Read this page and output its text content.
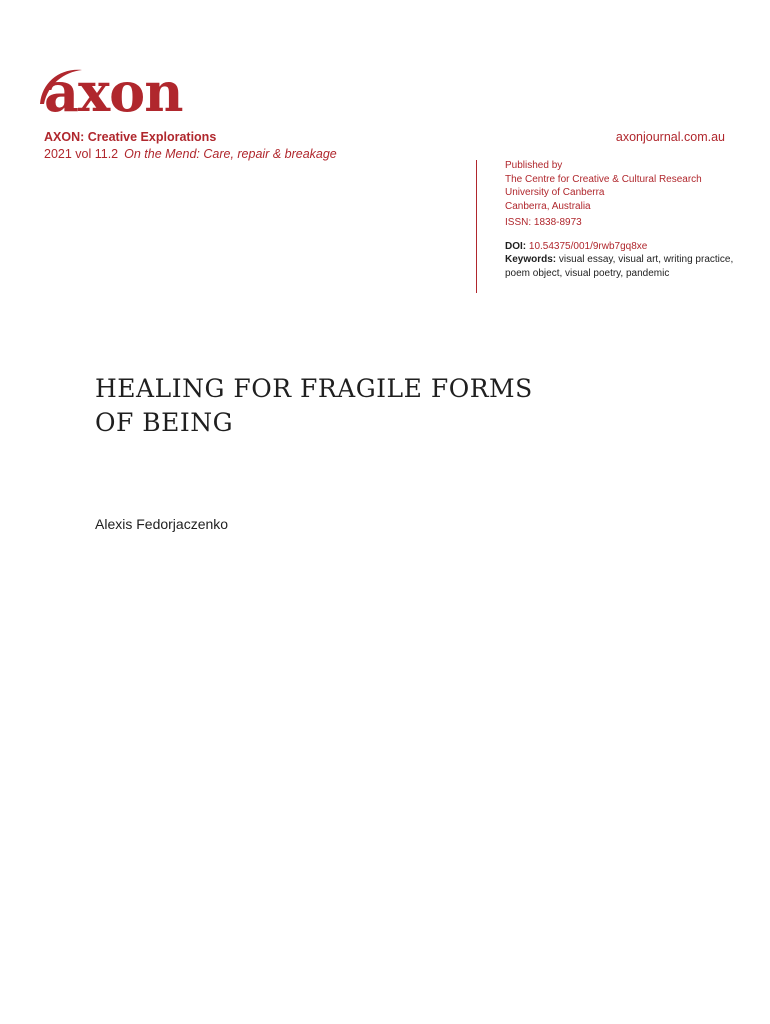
axon
AXON: Creative Explorations
2021 vol 11.2 On the Mend: Care, repair & breakage
axonjournal.com.au
Published by
The Centre for Creative & Cultural Research
University of Canberra
Canberra, Australia
ISSN: 1838-8973
DOI: 10.54375/001/9rwb7gq8xe
Keywords: visual essay, visual art, writing practice, poem object, visual poetry, pandemic
HEALING FOR FRAGILE FORMS
OF BEING
Alexis Fedorjaczenko
